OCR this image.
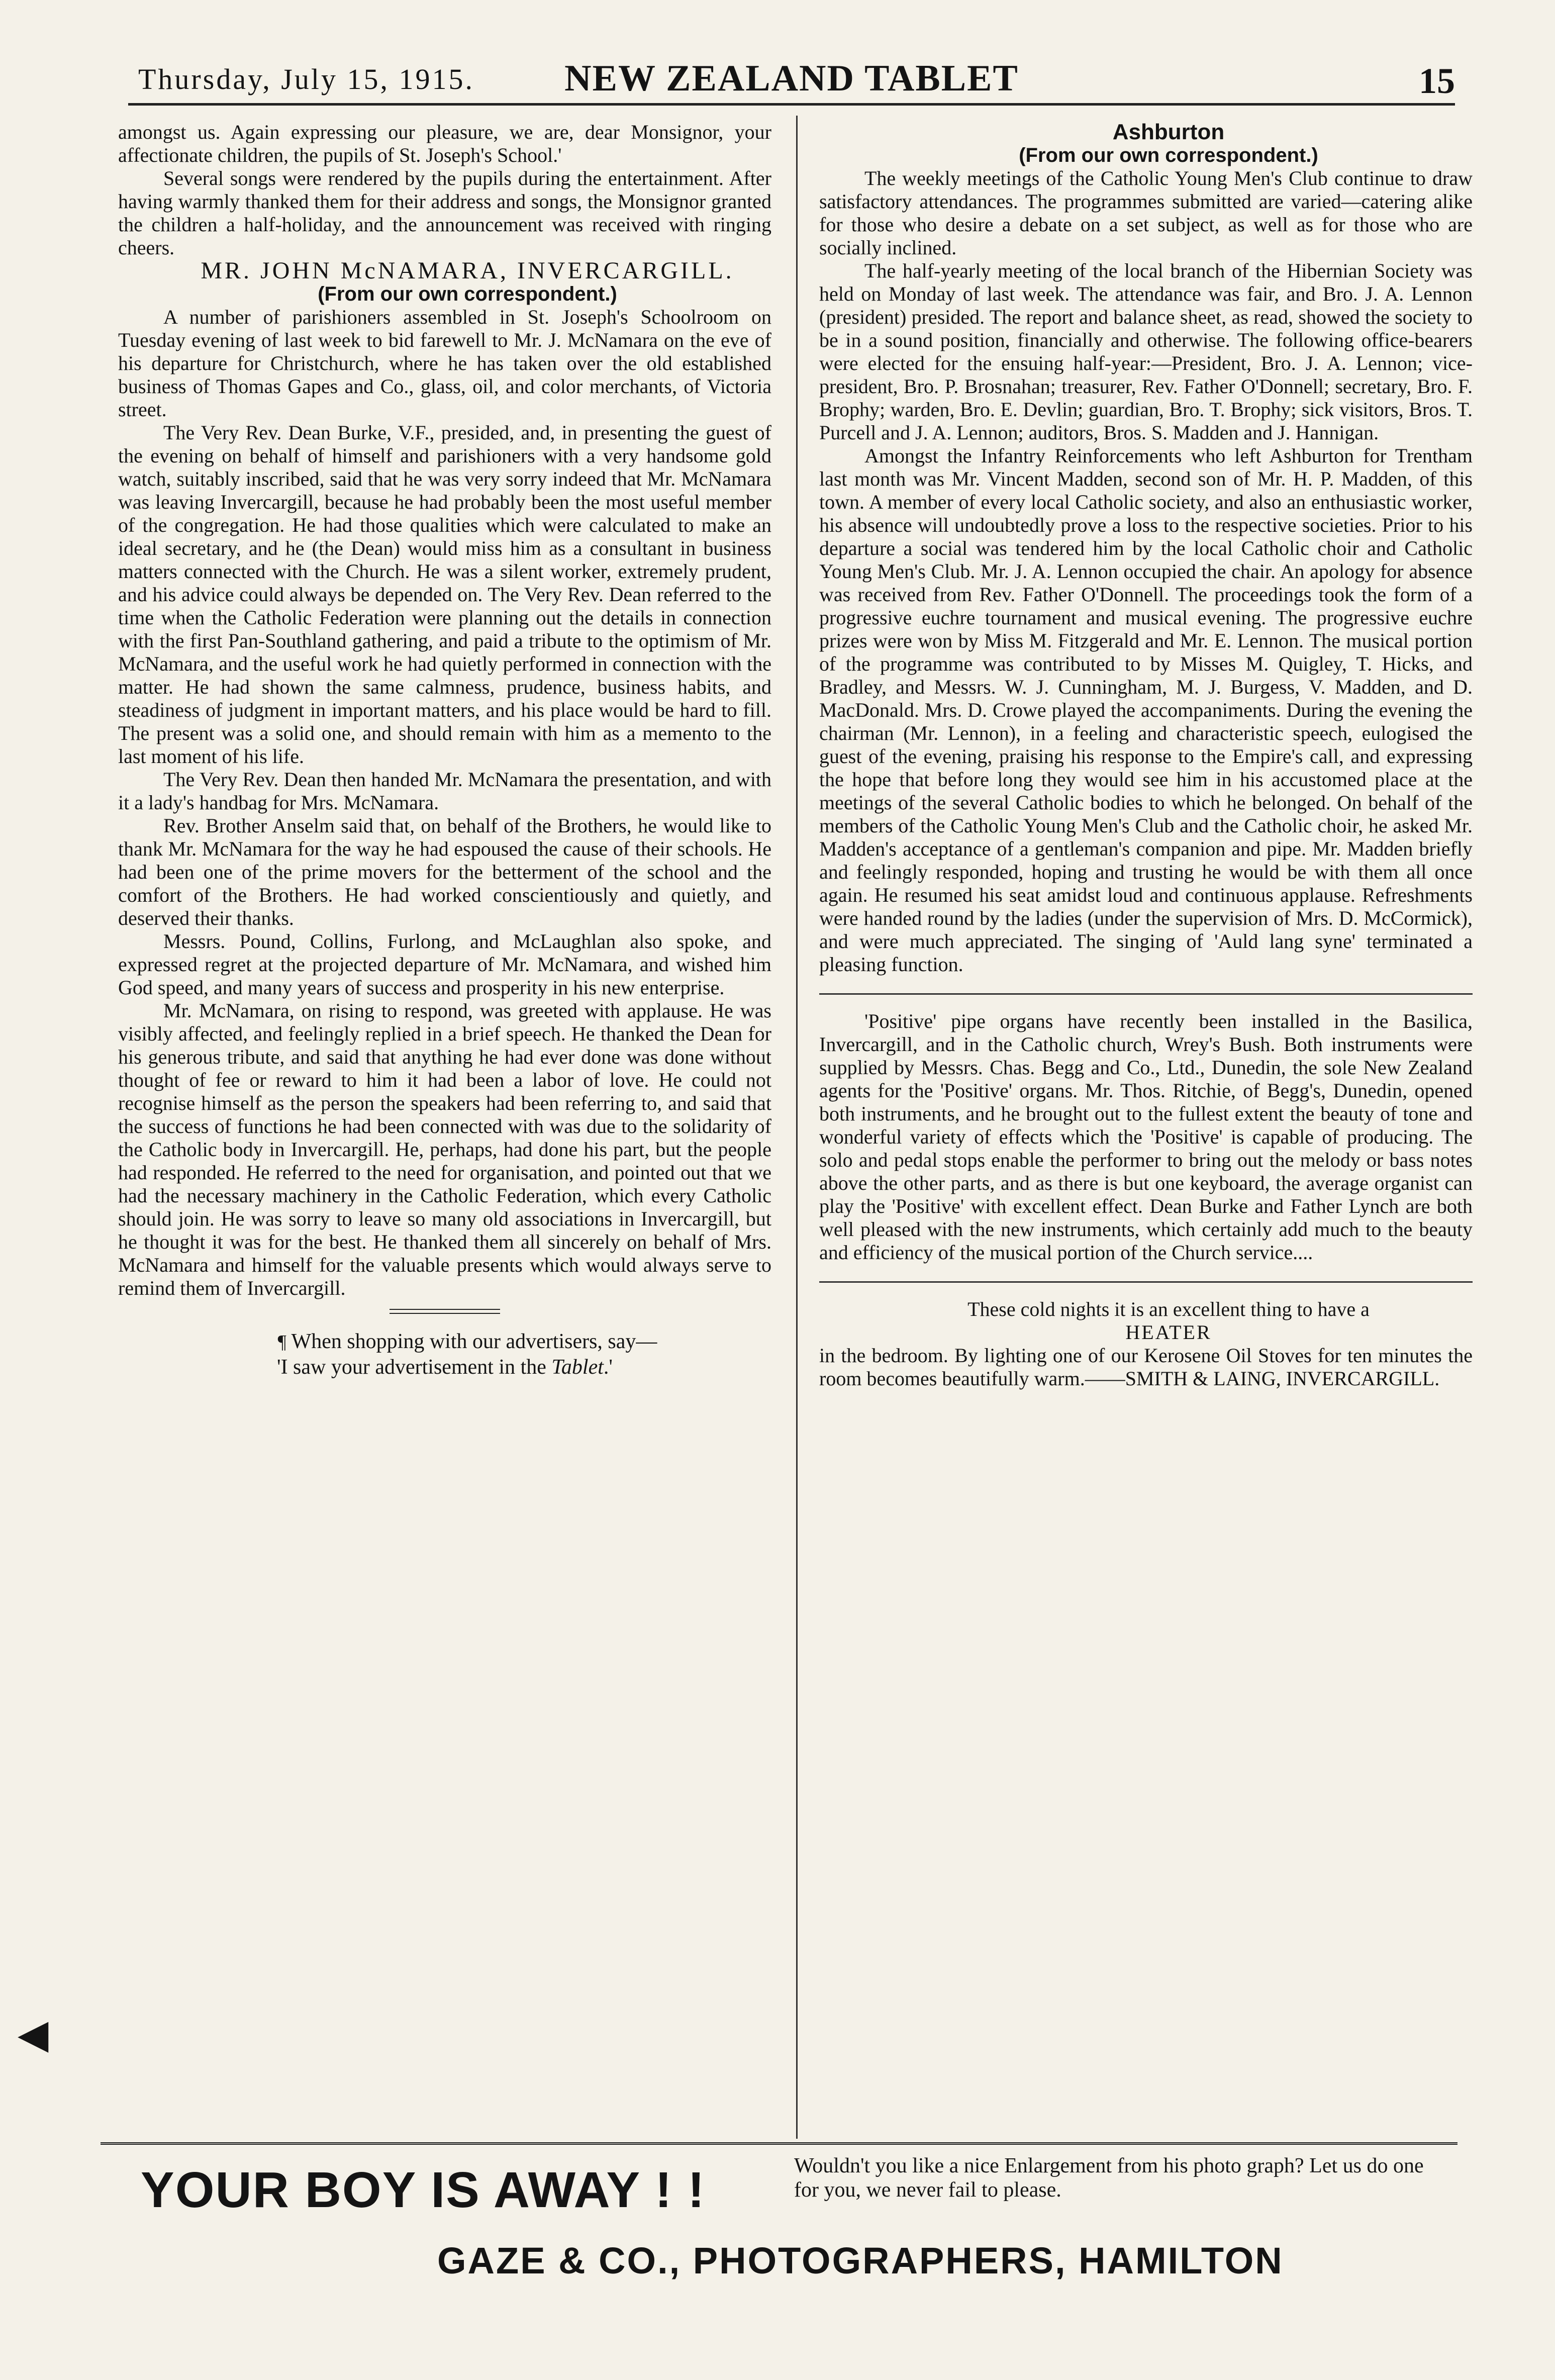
Thursday, July 15, 1915.	NEW ZEALAND TABLET	15

amongst us. Again expressing our pleasure, we are, dear Monsignor, your affectionate children, the pupils of St. Joseph's School.'

Several songs were rendered by the pupils during the entertainment. After having warmly thanked them for their address and songs, the Monsignor granted the children a half-holiday, and the announcement was received with ringing cheers.

MR. JOHN McNAMARA, INVERCARGILL.

(From our own correspondent.)

A number of parishioners assembled in St. Joseph's Schoolroom on Tuesday evening of last week to bid farewell to Mr. J. McNamara on the eve of his departure for Christchurch, where he has taken over the old established business of Thomas Gapes and Co., glass, oil, and color merchants, of Victoria street.

The Very Rev. Dean Burke, V.F., presided, and, in presenting the guest of the evening on behalf of himself and parishioners with a very handsome gold watch, suitably inscribed, said that he was very sorry indeed that Mr. McNamara was leaving Invercargill, because he had probably been the most useful member of the congregation. He had those qualities which were calculated to make an ideal secretary, and he (the Dean) would miss him as a consultant in business matters connected with the Church. He was a silent worker, extremely prudent, and his advice could always be depended on. The Very Rev. Dean referred to the time when the Catholic Federation were planning out the details in connection with the first Pan-Southland gathering, and paid a tribute to the optimism of Mr. McNamara, and the useful work he had quietly performed in connection with the matter. He had shown the same calmness, prudence, business habits, and steadiness of judgment in important matters, and his place would be hard to fill. The present was a solid one, and should remain with him as a memento to the last moment of his life.

The Very Rev. Dean then handed Mr. McNamara the presentation, and with it a lady's handbag for Mrs. McNamara.

Rev. Brother Anselm said that, on behalf of the Brothers, he would like to thank Mr. McNamara for the way he had espoused the cause of their schools. He had been one of the prime movers for the betterment of the school and the comfort of the Brothers. He had worked conscientiously and quietly, and deserved their thanks.

Messrs. Pound, Collins, Furlong, and McLaughlan also spoke, and expressed regret at the projected departure of Mr. McNamara, and wished him God speed, and many years of success and prosperity in his new enterprise.

Mr. McNamara, on rising to respond, was greeted with applause. He was visibly affected, and feelingly replied in a brief speech. He thanked the Dean for his generous tribute, and said that anything he had ever done was done without thought of fee or reward to him it had been a labor of love. He could not recognise himself as the person the speakers had been referring to, and said that the success of functions he had been connected with was due to the solidarity of the Catholic body in Invercargill. He, perhaps, had done his part, but the people had responded. He referred to the need for organisation, and pointed out that we had the necessary machinery in the Catholic Federation, which every Catholic should join. He was sorry to leave so many old associations in Invercargill, but he thought it was for the best. He thanked them all sincerely on behalf of Mrs. McNamara and himself for the valuable presents which would always serve to remind them of Invercargill.

¶ When shopping with our advertisers, say—
'I saw your advertisement in the Tablet.'

Ashburton

(From our own correspondent.)

The weekly meetings of the Catholic Young Men's Club continue to draw satisfactory attendances. The programmes submitted are varied—catering alike for those who desire a debate on a set subject, as well as for those who are socially inclined.

The half-yearly meeting of the local branch of the Hibernian Society was held on Monday of last week. The attendance was fair, and Bro. J. A. Lennon (president) presided. The report and balance sheet, as read, showed the society to be in a sound position, financially and otherwise. The following office-bearers were elected for the ensuing half-year:—President, Bro. J. A. Lennon; vice-president, Bro. P. Brosnahan; treasurer, Rev. Father O'Donnell; secretary, Bro. F. Brophy; warden, Bro. E. Devlin; guardian, Bro. T. Brophy; sick visitors, Bros. T. Purcell and J. A. Lennon; auditors, Bros. S. Madden and J. Hannigan.

Amongst the Infantry Reinforcements who left Ashburton for Trentham last month was Mr. Vincent Madden, second son of Mr. H. P. Madden, of this town. A member of every local Catholic society, and also an enthusiastic worker, his absence will undoubtedly prove a loss to the respective societies. Prior to his departure a social was tendered him by the local Catholic choir and Catholic Young Men's Club. Mr. J. A. Lennon occupied the chair. An apology for absence was received from Rev. Father O'Donnell. The proceedings took the form of a progressive euchre tournament and musical evening. The progressive euchre prizes were won by Miss M. Fitzgerald and Mr. E. Lennon. The musical portion of the programme was contributed to by Misses M. Quigley, T. Hicks, and Bradley, and Messrs. W. J. Cunningham, M. J. Burgess, V. Madden, and D. MacDonald. Mrs. D. Crowe played the accompaniments. During the evening the chairman (Mr. Lennon), in a feeling and characteristic speech, eulogised the guest of the evening, praising his response to the Empire's call, and expressing the hope that before long they would see him in his accustomed place at the meetings of the several Catholic bodies to which he belonged. On behalf of the members of the Catholic Young Men's Club and the Catholic choir, he asked Mr. Madden's acceptance of a gentleman's companion and pipe. Mr. Madden briefly and feelingly responded, hoping and trusting he would be with them all once again. He resumed his seat amidst loud and continuous applause. Refreshments were handed round by the ladies (under the supervision of Mrs. D. McCormick), and were much appreciated. The singing of 'Auld lang syne' terminated a pleasing function.

'Positive' pipe organs have recently been installed in the Basilica, Invercargill, and in the Catholic church, Wrey's Bush. Both instruments were supplied by Messrs. Chas. Begg and Co., Ltd., Dunedin, the sole New Zealand agents for the 'Positive' organs. Mr. Thos. Ritchie, of Begg's, Dunedin, opened both instruments, and he brought out to the fullest extent the beauty of tone and wonderful variety of effects which the 'Positive' is capable of producing. The solo and pedal stops enable the performer to bring out the melody or bass notes above the other parts, and as there is but one keyboard, the average organist can play the 'Positive' with excellent effect. Dean Burke and Father Lynch are both well pleased with the new instruments, which certainly add much to the beauty and efficiency of the musical portion of the Church service....

These cold nights it is an excellent thing to have a

HEATER

in the bedroom. By lighting one of our Kerosene Oil Stoves for ten minutes the room becomes beautifully warm.——SMITH & LAING, INVERCARGILL.

YOUR BOY IS AWAY ! !	Wouldn't you like a nice Enlargement from his photo graph? Let us do one for you, we never fail to please.
GAZE & CO., PHOTOGRAPHERS, HAMILTON
◀
